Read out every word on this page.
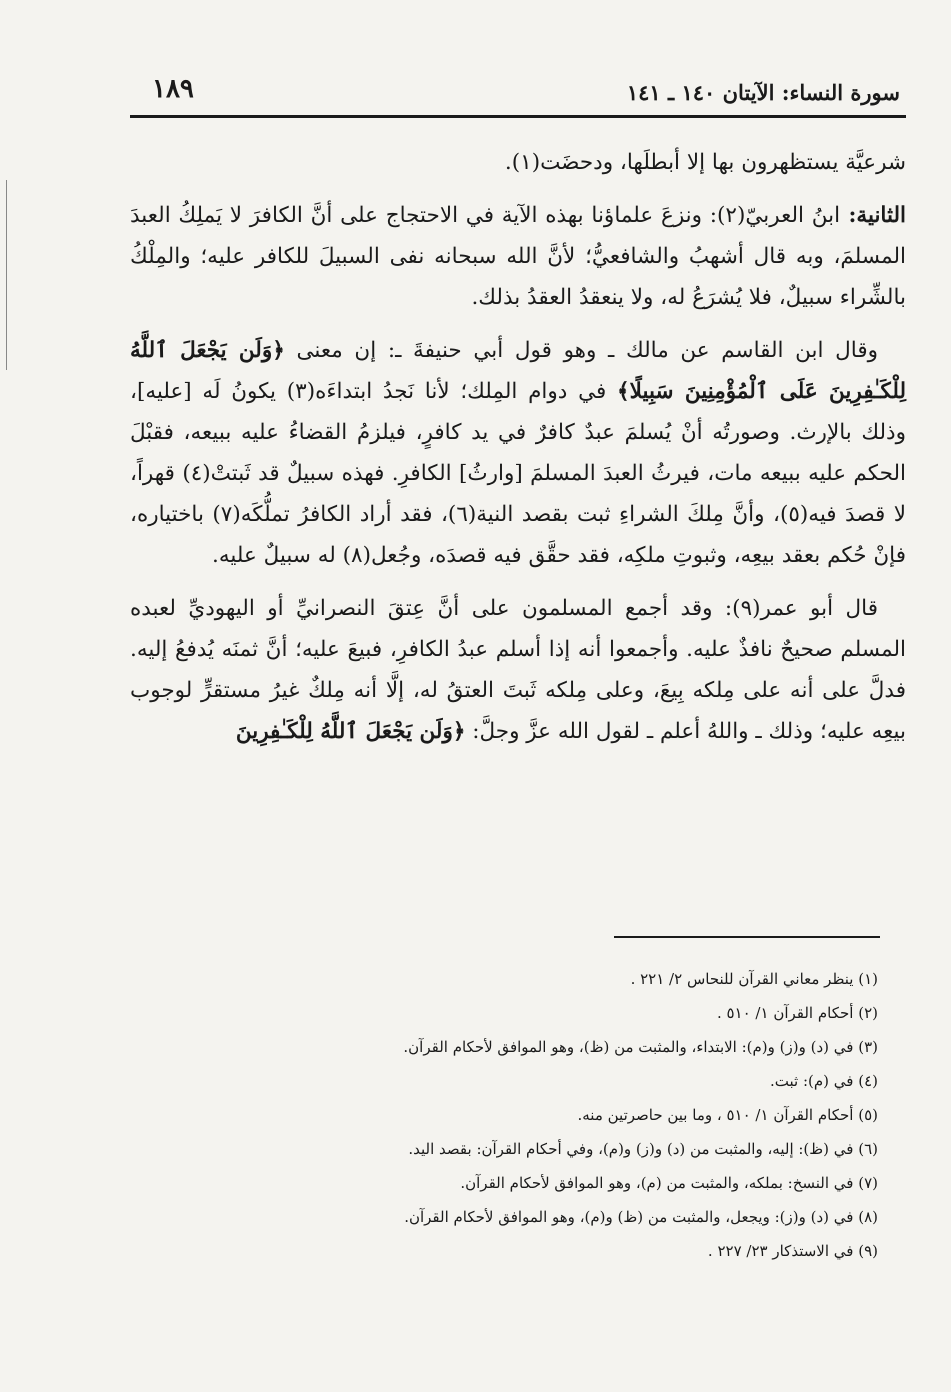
١٨٩	سورة النساء: الآيتان ١٤٠ ـ ١٤١

شرعيَّة يستظهرون بها إلا أبطلَها، ودحضَت(١).

الثانية: ابنُ العربيّ(٢): ونزعَ علماؤنا بهذه الآية في الاحتجاج على أنَّ الكافرَ لا يَملِكُ العبدَ المسلمَ، وبه قال أشهبُ والشافعيُّ؛ لأنَّ الله سبحانه نفى السبيلَ للكافر عليه؛ والمِلْكُ بالشِّراء سبيلٌ، فلا يُشرَعُ له، ولا ينعقدُ العقدُ بذلك.

وقال ابن القاسم عن مالك ـ وهو قول أبي حنيفةَ ـ: إن معنى ﴿وَلَن يَجْعَلَ ٱللَّهُ لِلْكَـٰفِرِينَ عَلَى ٱلْمُؤْمِنِينَ سَبِيلًا﴾ في دوام المِلك؛ لأنا نَجدُ ابتداءَه(٣) يكونُ لَه [عليه]، وذلك بالإرث. وصورتُه أنْ يُسلمَ عبدٌ كافرٌ في يد كافرٍ، فيلزمُ القضاءُ عليه ببيعه، فقبْلَ الحكم عليه ببيعه مات، فيرثُ العبدَ المسلمَ [وارثُ] الكافرِ. فهذه سبيلٌ قد ثَبتتْ(٤) قهراً، لا قصدَ فيه(٥)، وأنَّ مِلكَ الشراءِ ثبت بقصد النية(٦)، فقد أراد الكافرُ تملُّكَه(٧) باختياره، فإنْ حُكم بعقد بيعِه، وثبوتِ ملكِه، فقد حقَّق فيه قصدَه، وجُعل(٨) له سبيلٌ عليه.

قال أبو عمر(٩): وقد أجمع المسلمون على أنَّ عِتقَ النصرانيِّ أو اليهوديِّ لعبده المسلم صحيحٌ نافذٌ عليه. وأجمعوا أنه إذا أسلم عبدُ الكافرِ، فبيعَ عليه؛ أنَّ ثمنَه يُدفعُ إليه. فدلَّ على أنه على مِلكه بِيعَ، وعلى مِلكه ثَبتَ العتقُ له، إلَّا أنه مِلكٌ غيرُ مستقرٍّ لوجوب بيعِه عليه؛ وذلك ـ واللهُ أعلم ـ لقول الله عزَّ وجلَّ: ﴿وَلَن يَجْعَلَ ٱللَّهُ لِلْكَـٰفِرِينَ

(١) ينظر معاني القرآن للنحاس ٢/ ٢٢١ .

(٢) أحكام القرآن ١/ ٥١٠ .

(٣) في (د) و(ز) و(م): الابتداء، والمثبت من (ظ)، وهو الموافق لأحكام القرآن.

(٤) في (م): ثبت.

(٥) أحكام القرآن ١/ ٥١٠ ، وما بين حاصرتين منه.

(٦) في (ظ): إليه، والمثبت من (د) و(ز) و(م)، وفي أحكام القرآن: بقصد اليد.

(٧) في النسخ: بملكه، والمثبت من (م)، وهو الموافق لأحكام القرآن.

(٨) في (د) و(ز): ويجعل، والمثبت من (ظ) و(م)، وهو الموافق لأحكام القرآن.

(٩) في الاستذكار ٢٣/ ٢٢٧ .
